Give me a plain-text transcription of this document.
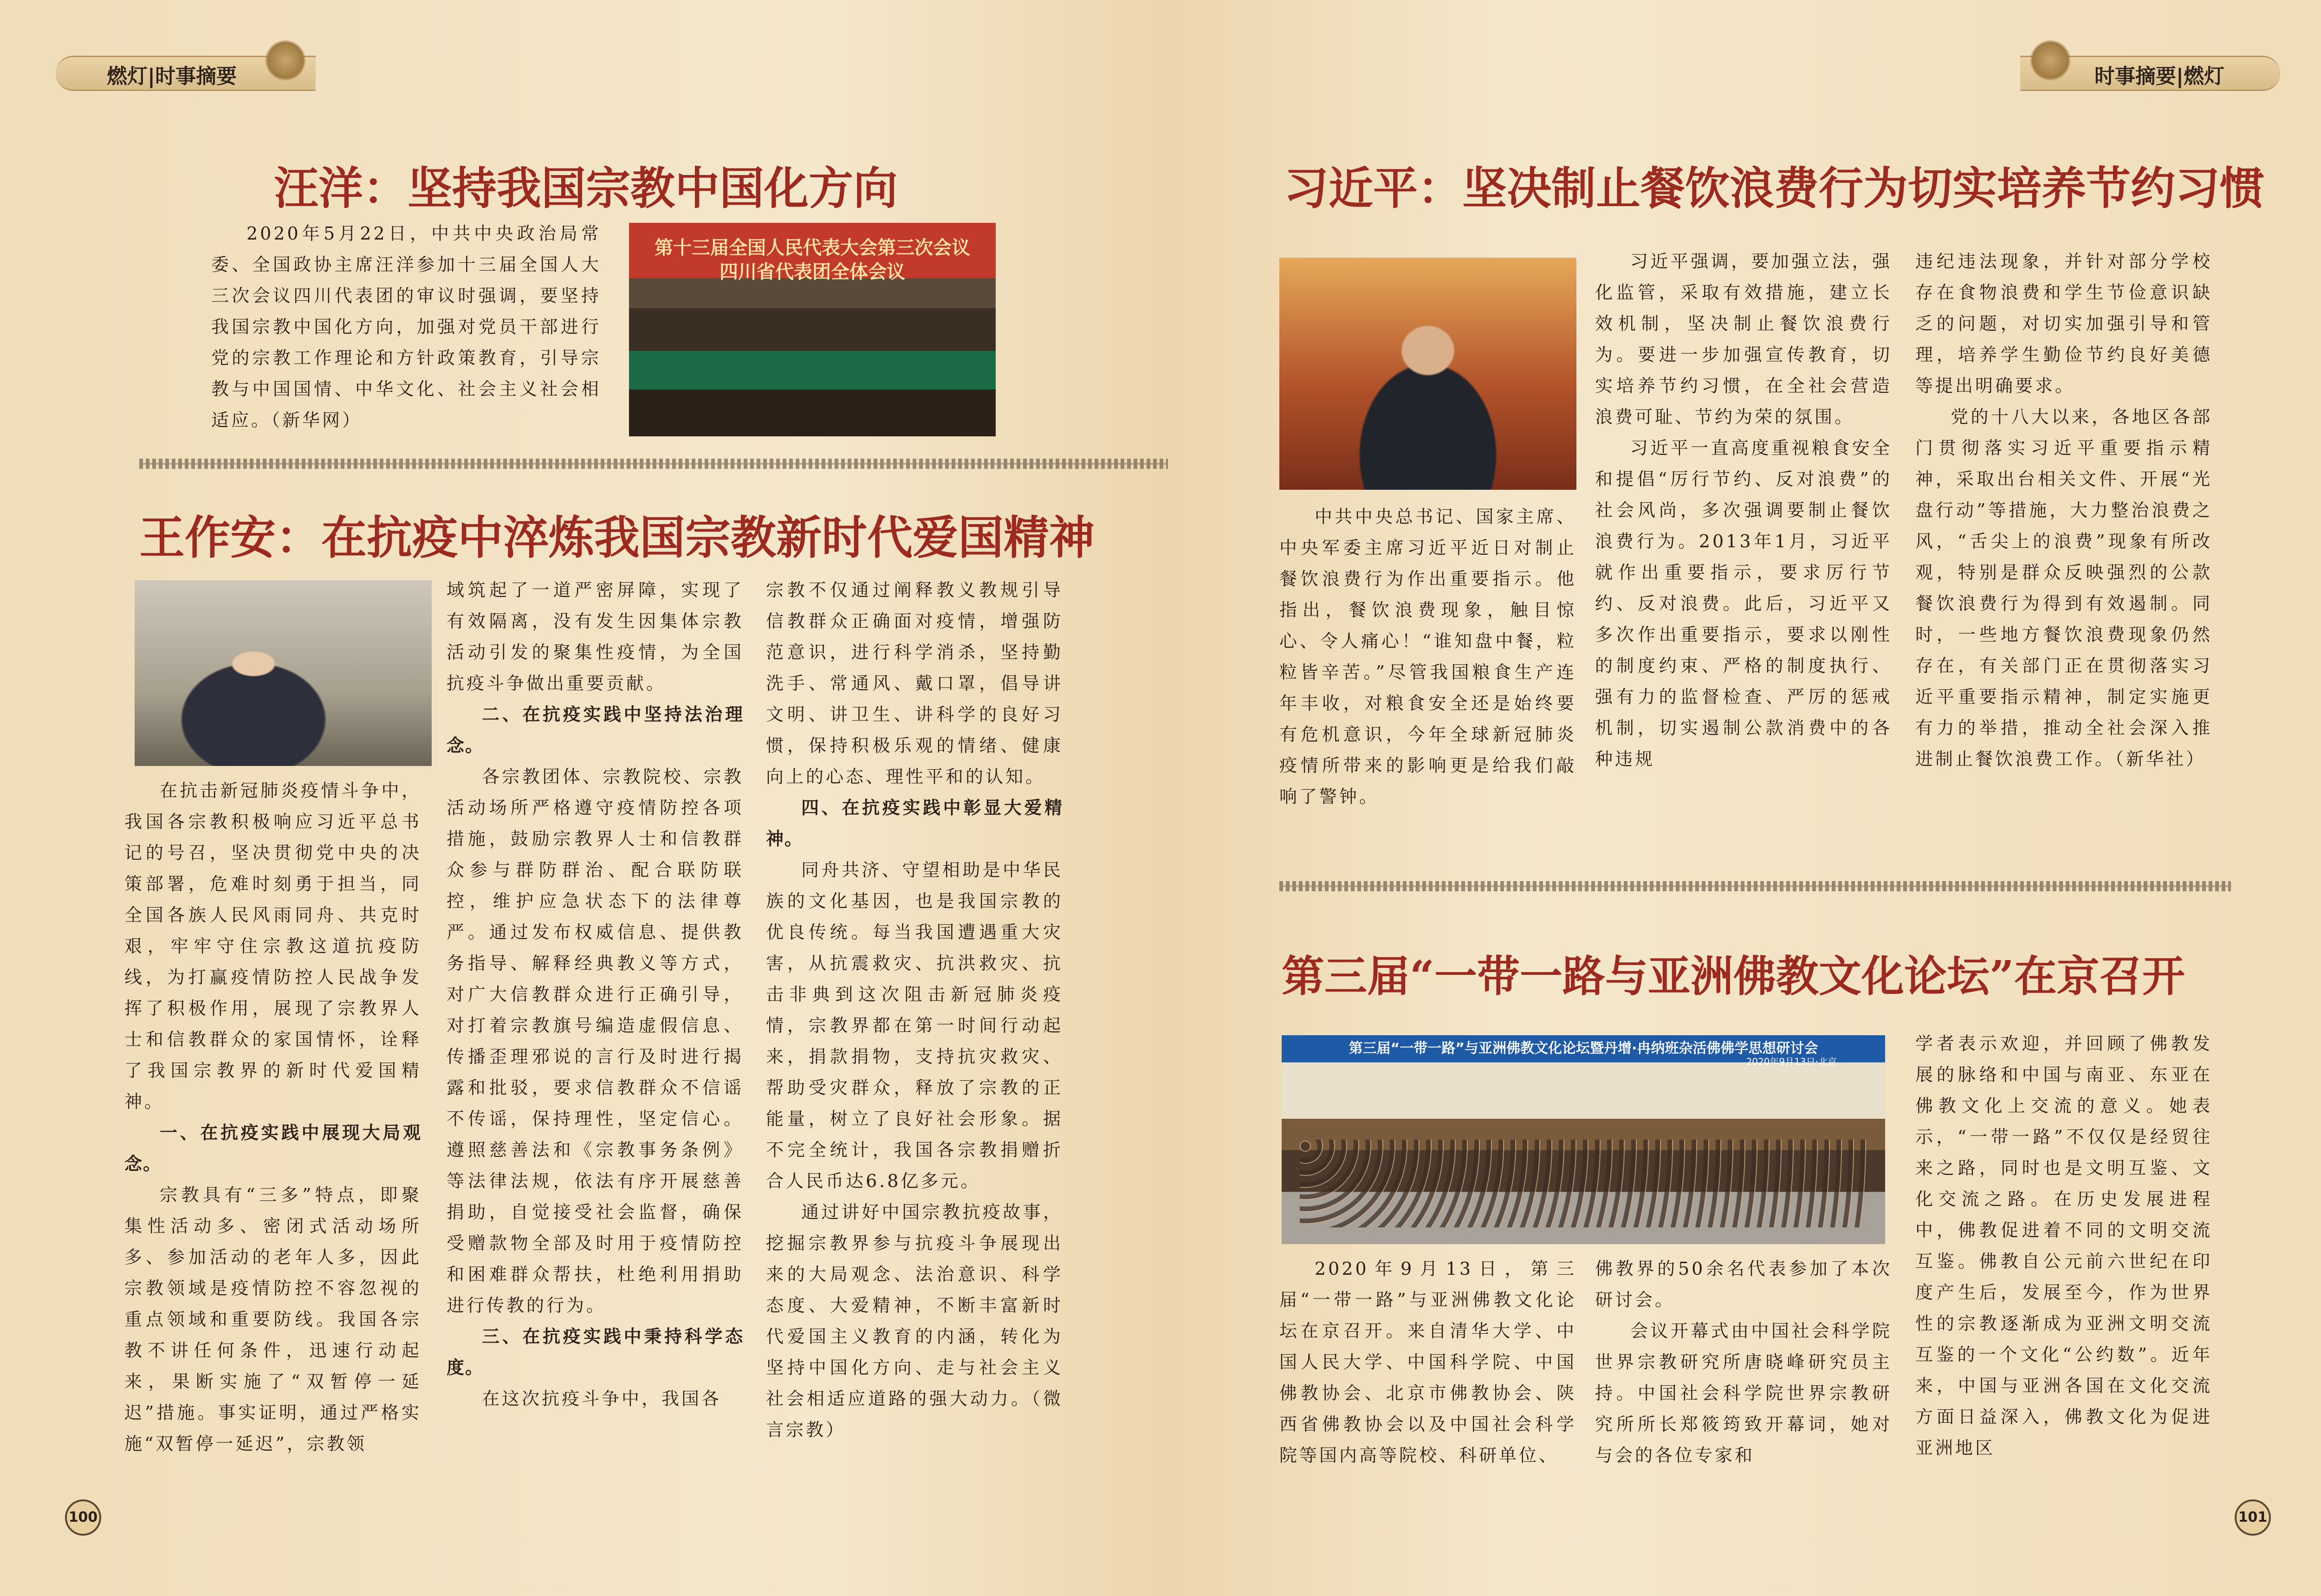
燃灯|时事摘要
汪洋：坚持我国宗教中国化方向

2020年5月22日，中共中央政治局常委、全国政协主席汪洋参加十三届全国人大三次会议四川代表团的审议时强调，要坚持我国宗教中国化方向，加强对党员干部进行党的宗教工作理论和方针政策教育，引导宗教与中国国情、中华文化、社会主义社会相适应。（新华网）

第十三届全国人民代表大会第三次会议
四川省代表团全体会议
王作安：在抗疫中淬炼我国宗教新时代爱国精神

在抗击新冠肺炎疫情斗争中，我国各宗教积极响应习近平总书记的号召，坚决贯彻党中央的决策部署，危难时刻勇于担当，同全国各族人民风雨同舟、共克时艰，牢牢守住宗教这道抗疫防线，为打赢疫情防控人民战争发挥了积极作用，展现了宗教界人士和信教群众的家国情怀，诠释了我国宗教界的新时代爱国精神。

一、在抗疫实践中展现大局观念。

宗教具有“三多”特点，即聚集性活动多、密闭式活动场所多、参加活动的老年人多，因此宗教领域是疫情防控不容忽视的重点领域和重要防线。我国各宗教不讲任何条件，迅速行动起来，果断实施了“双暂停一延迟”措施。事实证明，通过严格实施“双暂停一延迟”，宗教领

域筑起了一道严密屏障，实现了有效隔离，没有发生因集体宗教活动引发的聚集性疫情，为全国抗疫斗争做出重要贡献。

二、在抗疫实践中坚持法治理念。

各宗教团体、宗教院校、宗教活动场所严格遵守疫情防控各项措施，鼓励宗教界人士和信教群众参与群防群治、配合联防联控，维护应急状态下的法律尊严。通过发布权威信息、提供教务指导、解释经典教义等方式，对广大信教群众进行正确引导，对打着宗教旗号编造虚假信息、传播歪理邪说的言行及时进行揭露和批驳，要求信教群众不信谣不传谣，保持理性，坚定信心。遵照慈善法和《宗教事务条例》等法律法规，依法有序开展慈善捐助，自觉接受社会监督，确保受赠款物全部及时用于疫情防控和困难群众帮扶，杜绝利用捐助进行传教的行为。

三、在抗疫实践中秉持科学态度。

在这次抗疫斗争中，我国各

宗教不仅通过阐释教义教规引导信教群众正确面对疫情，增强防范意识，进行科学消杀，坚持勤洗手、常通风、戴口罩，倡导讲文明、讲卫生、讲科学的良好习惯，保持积极乐观的情绪、健康向上的心态、理性平和的认知。

四、在抗疫实践中彰显大爱精神。

同舟共济、守望相助是中华民族的文化基因，也是我国宗教的优良传统。每当我国遭遇重大灾害，从抗震救灾、抗洪救灾、抗击非典到这次阻击新冠肺炎疫情，宗教界都在第一时间行动起来，捐款捐物，支持抗灾救灾、帮助受灾群众，释放了宗教的正能量，树立了良好社会形象。据不完全统计，我国各宗教捐赠折合人民币达6.8亿多元。

通过讲好中国宗教抗疫故事，挖掘宗教界参与抗疫斗争展现出来的大局观念、法治意识、科学态度、大爱精神，不断丰富新时代爱国主义教育的内涵，转化为坚持中国化方向、走与社会主义社会相适应道路的强大动力。（微言宗教）

100
时事摘要|燃灯
习近平：坚决制止餐饮浪费行为切实培养节约习惯

中共中央总书记、国家主席、中央军委主席习近平近日对制止餐饮浪费行为作出重要指示。他指出，餐饮浪费现象，触目惊心、令人痛心！“谁知盘中餐，粒粒皆辛苦。”尽管我国粮食生产连年丰收，对粮食安全还是始终要有危机意识，今年全球新冠肺炎疫情所带来的影响更是给我们敲响了警钟。

习近平强调，要加强立法，强化监管，采取有效措施，建立长效机制，坚决制止餐饮浪费行为。要进一步加强宣传教育，切实培养节约习惯，在全社会营造浪费可耻、节约为荣的氛围。

习近平一直高度重视粮食安全和提倡“厉行节约、反对浪费”的社会风尚，多次强调要制止餐饮浪费行为。2013年1月，习近平就作出重要指示，要求厉行节约、反对浪费。此后，习近平又多次作出重要指示，要求以刚性的制度约束、严格的制度执行、强有力的监督检查、严厉的惩戒机制，切实遏制公款消费中的各种违规

违纪违法现象，并针对部分学校存在食物浪费和学生节俭意识缺乏的问题，对切实加强引导和管理，培养学生勤俭节约良好美德等提出明确要求。

党的十八大以来，各地区各部门贯彻落实习近平重要指示精神，采取出台相关文件、开展“光盘行动”等措施，大力整治浪费之风，“舌尖上的浪费”现象有所改观，特别是群众反映强烈的公款餐饮浪费行为得到有效遏制。同时，一些地方餐饮浪费现象仍然存在，有关部门正在贯彻落实习近平重要指示精神，制定实施更有力的举措，推动全社会深入推进制止餐饮浪费工作。（新华社）

第三届“一带一路与亚洲佛教文化论坛”在京召开
第三届“一带一路”与亚洲佛教文化论坛暨丹增·冉纳班杂活佛佛学思想研讨会
2020年9月13日·北京

2020年9月13日，第三届“一带一路”与亚洲佛教文化论坛在京召开。来自清华大学、中国人民大学、中国科学院、中国佛教协会、北京市佛教协会、陕西省佛教协会以及中国社会科学院等国内高等院校、科研单位、

佛教界的50余名代表参加了本次研讨会。

会议开幕式由中国社会科学院世界宗教研究所唐晓峰研究员主持。中国社会科学院世界宗教研究所所长郑筱筠致开幕词，她对与会的各位专家和

学者表示欢迎，并回顾了佛教发展的脉络和中国与南亚、东亚在佛教文化上交流的意义。她表示，“一带一路”不仅仅是经贸往来之路，同时也是文明互鉴、文化交流之路。在历史发展进程中，佛教促进着不同的文明交流互鉴。佛教自公元前六世纪在印度产生后，发展至今，作为世界性的宗教逐渐成为亚洲文明交流互鉴的一个文化“公约数”。近年来，中国与亚洲各国在文化交流方面日益深入，佛教文化为促进亚洲地区

101
